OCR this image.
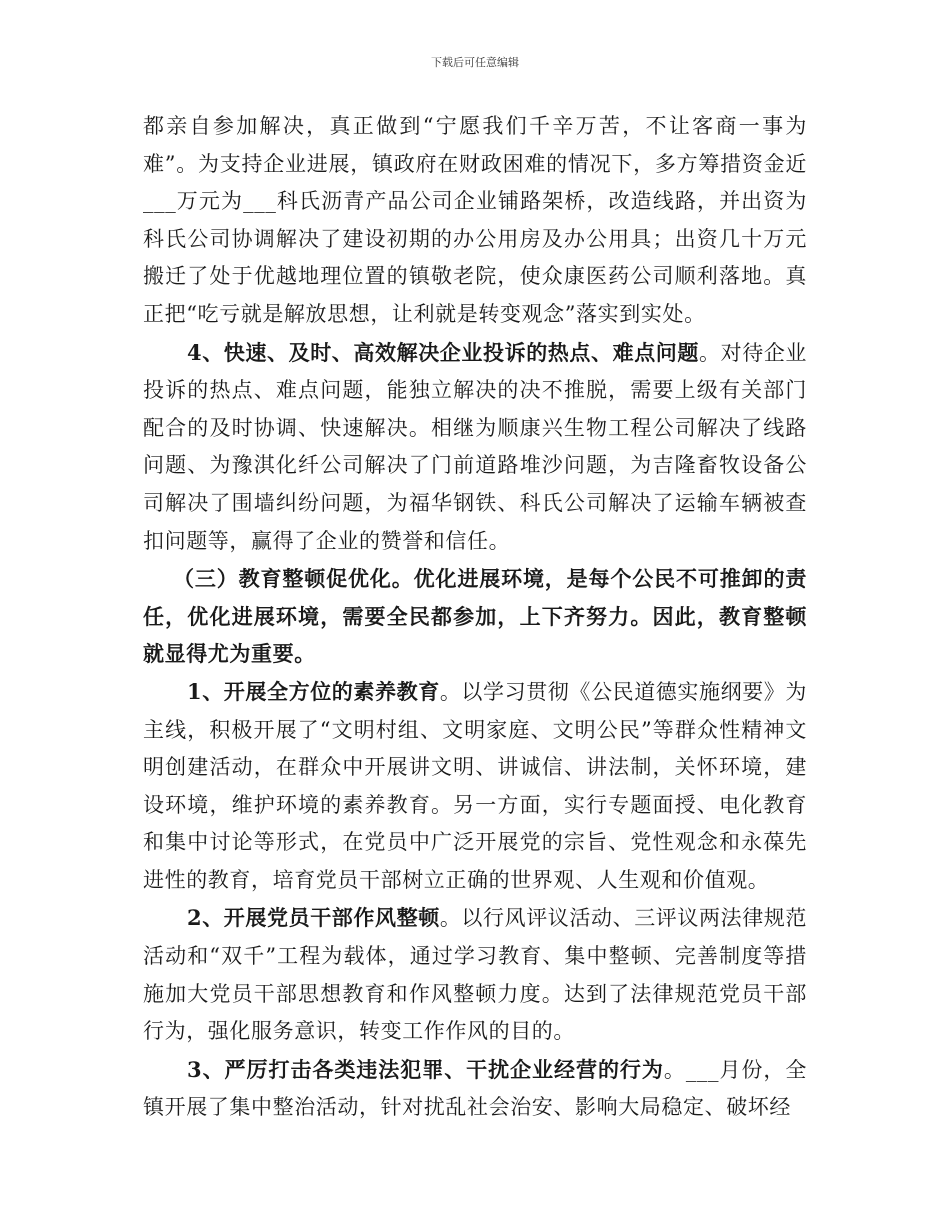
下载后可任意编辑

都亲自参加解决，真正做到“宁愿我们千辛万苦，不让客商一事为难”。为支持企业进展，镇政府在财政困难的情况下，多方筹措资金近___万元为___科氏沥青产品公司企业铺路架桥，改造线路，并出资为科氏公司协调解决了建设初期的办公用房及办公用具；出资几十万元搬迁了处于优越地理位置的镇敬老院，使众康医药公司顺利落地。真正把“吃亏就是解放思想，让利就是转变观念”落实到实处。

4、快速、及时、高效解决企业投诉的热点、难点问题。对待企业投诉的热点、难点问题，能独立解决的决不推脱，需要上级有关部门配合的及时协调、快速解决。相继为顺康兴生物工程公司解决了线路问题、为豫淇化纤公司解决了门前道路堆沙问题，为吉隆畜牧设备公司解决了围墙纠纷问题，为福华钢铁、科氏公司解决了运输车辆被查扣问题等，赢得了企业的赞誉和信任。

（三）教育整顿促优化。优化进展环境，是每个公民不可推卸的责任，优化进展环境，需要全民都参加，上下齐努力。因此，教育整顿就显得尤为重要。

1、开展全方位的素养教育。以学习贯彻《公民道德实施纲要》为主线，积极开展了“文明村组、文明家庭、文明公民”等群众性精神文明创建活动，在群众中开展讲文明、讲诚信、讲法制，关怀环境，建设环境，维护环境的素养教育。另一方面，实行专题面授、电化教育和集中讨论等形式，在党员中广泛开展党的宗旨、党性观念和永葆先进性的教育，培育党员干部树立正确的世界观、人生观和价值观。

2、开展党员干部作风整顿。以行风评议活动、三评议两法律规范活动和“双千”工程为载体，通过学习教育、集中整顿、完善制度等措施加大党员干部思想教育和作风整顿力度。达到了法律规范党员干部行为，强化服务意识，转变工作作风的目的。

3、严厉打击各类违法犯罪、干扰企业经营的行为。___月份，全镇开展了集中整治活动，针对扰乱社会治安、影响大局稳定、破坏经
